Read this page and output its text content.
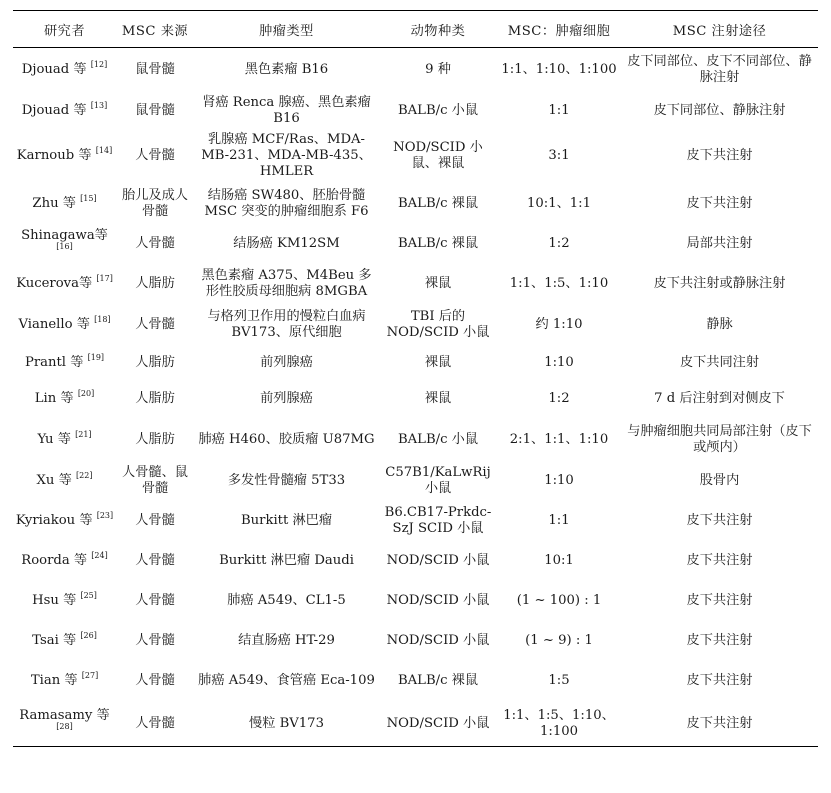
研究者	MSC 来源	肿瘤类型	动物种类	MSC：肿瘤细胞	MSC 注射途径
Djouad 等 [12]	鼠骨髓	黑色素瘤 B16	9 种	1:1、1:10、1:100	皮下同部位、皮下不同部位、静脉注射
Djouad 等 [13]	鼠骨髓	肾癌 Renca 腺癌、黑色素瘤 B16	BALB/c 小鼠	1:1	皮下同部位、静脉注射
Karnoub 等 [14]	人骨髓	乳腺癌 MCF/Ras、MDA-MB-231、MDA-MB-435、HMLER	NOD/SCID 小鼠、裸鼠	3:1	皮下共注射
Zhu 等 [15]	胎儿及成人骨髓	结肠癌 SW480、胚胎骨髓 MSC 突变的肿瘤细胞系 F6	BALB/c 裸鼠	10:1、1:1	皮下共注射
Shinagawa等 [16]	人骨髓	结肠癌 KM12SM	BALB/c 裸鼠	1:2	局部共注射
Kucerova等 [17]	人脂肪	黑色素瘤 A375、M4Beu 多形性胶质母细胞病 8MGBA	裸鼠	1:1、1:5、1:10	皮下共注射或静脉注射
Vianello 等 [18]	人骨髓	与格列卫作用的慢粒白血病 BV173、原代细胞	TBI 后的 NOD/SCID 小鼠	约 1:10	静脉
Prantl 等 [19]	人脂肪	前列腺癌	裸鼠	1:10	皮下共同注射
Lin 等 [20]	人脂肪	前列腺癌	裸鼠	1:2	7 d 后注射到对侧皮下
Yu 等 [21]	人脂肪	肺癌 H460、胶质瘤 U87MG	BALB/c 小鼠	2:1、1:1、1:10	与肿瘤细胞共同局部注射（皮下或颅内）
Xu 等 [22]	人骨髓、鼠骨髓	多发性骨髓瘤 5T33	C57B1/KaLwRij 小鼠	1:10	股骨内
Kyriakou 等 [23]	人骨髓	Burkitt 淋巴瘤	B6.CB17-Prkdc-SzJ SCID 小鼠	1:1	皮下共注射
Roorda 等 [24]	人骨髓	Burkitt 淋巴瘤 Daudi	NOD/SCID 小鼠	10:1	皮下共注射
Hsu 等 [25]	人骨髓	肺癌 A549、CL1-5	NOD/SCID 小鼠	(1 ~ 100) : 1	皮下共注射
Tsai 等 [26]	人骨髓	结直肠癌 HT-29	NOD/SCID 小鼠	(1 ~ 9) : 1	皮下共注射
Tian 等 [27]	人骨髓	肺癌 A549、食管癌 Eca-109	BALB/c 裸鼠	1:5	皮下共注射
Ramasamy 等 [28]	人骨髓	慢粒 BV173	NOD/SCID 小鼠	1:1、1:5、1:10、1:100	皮下共注射
